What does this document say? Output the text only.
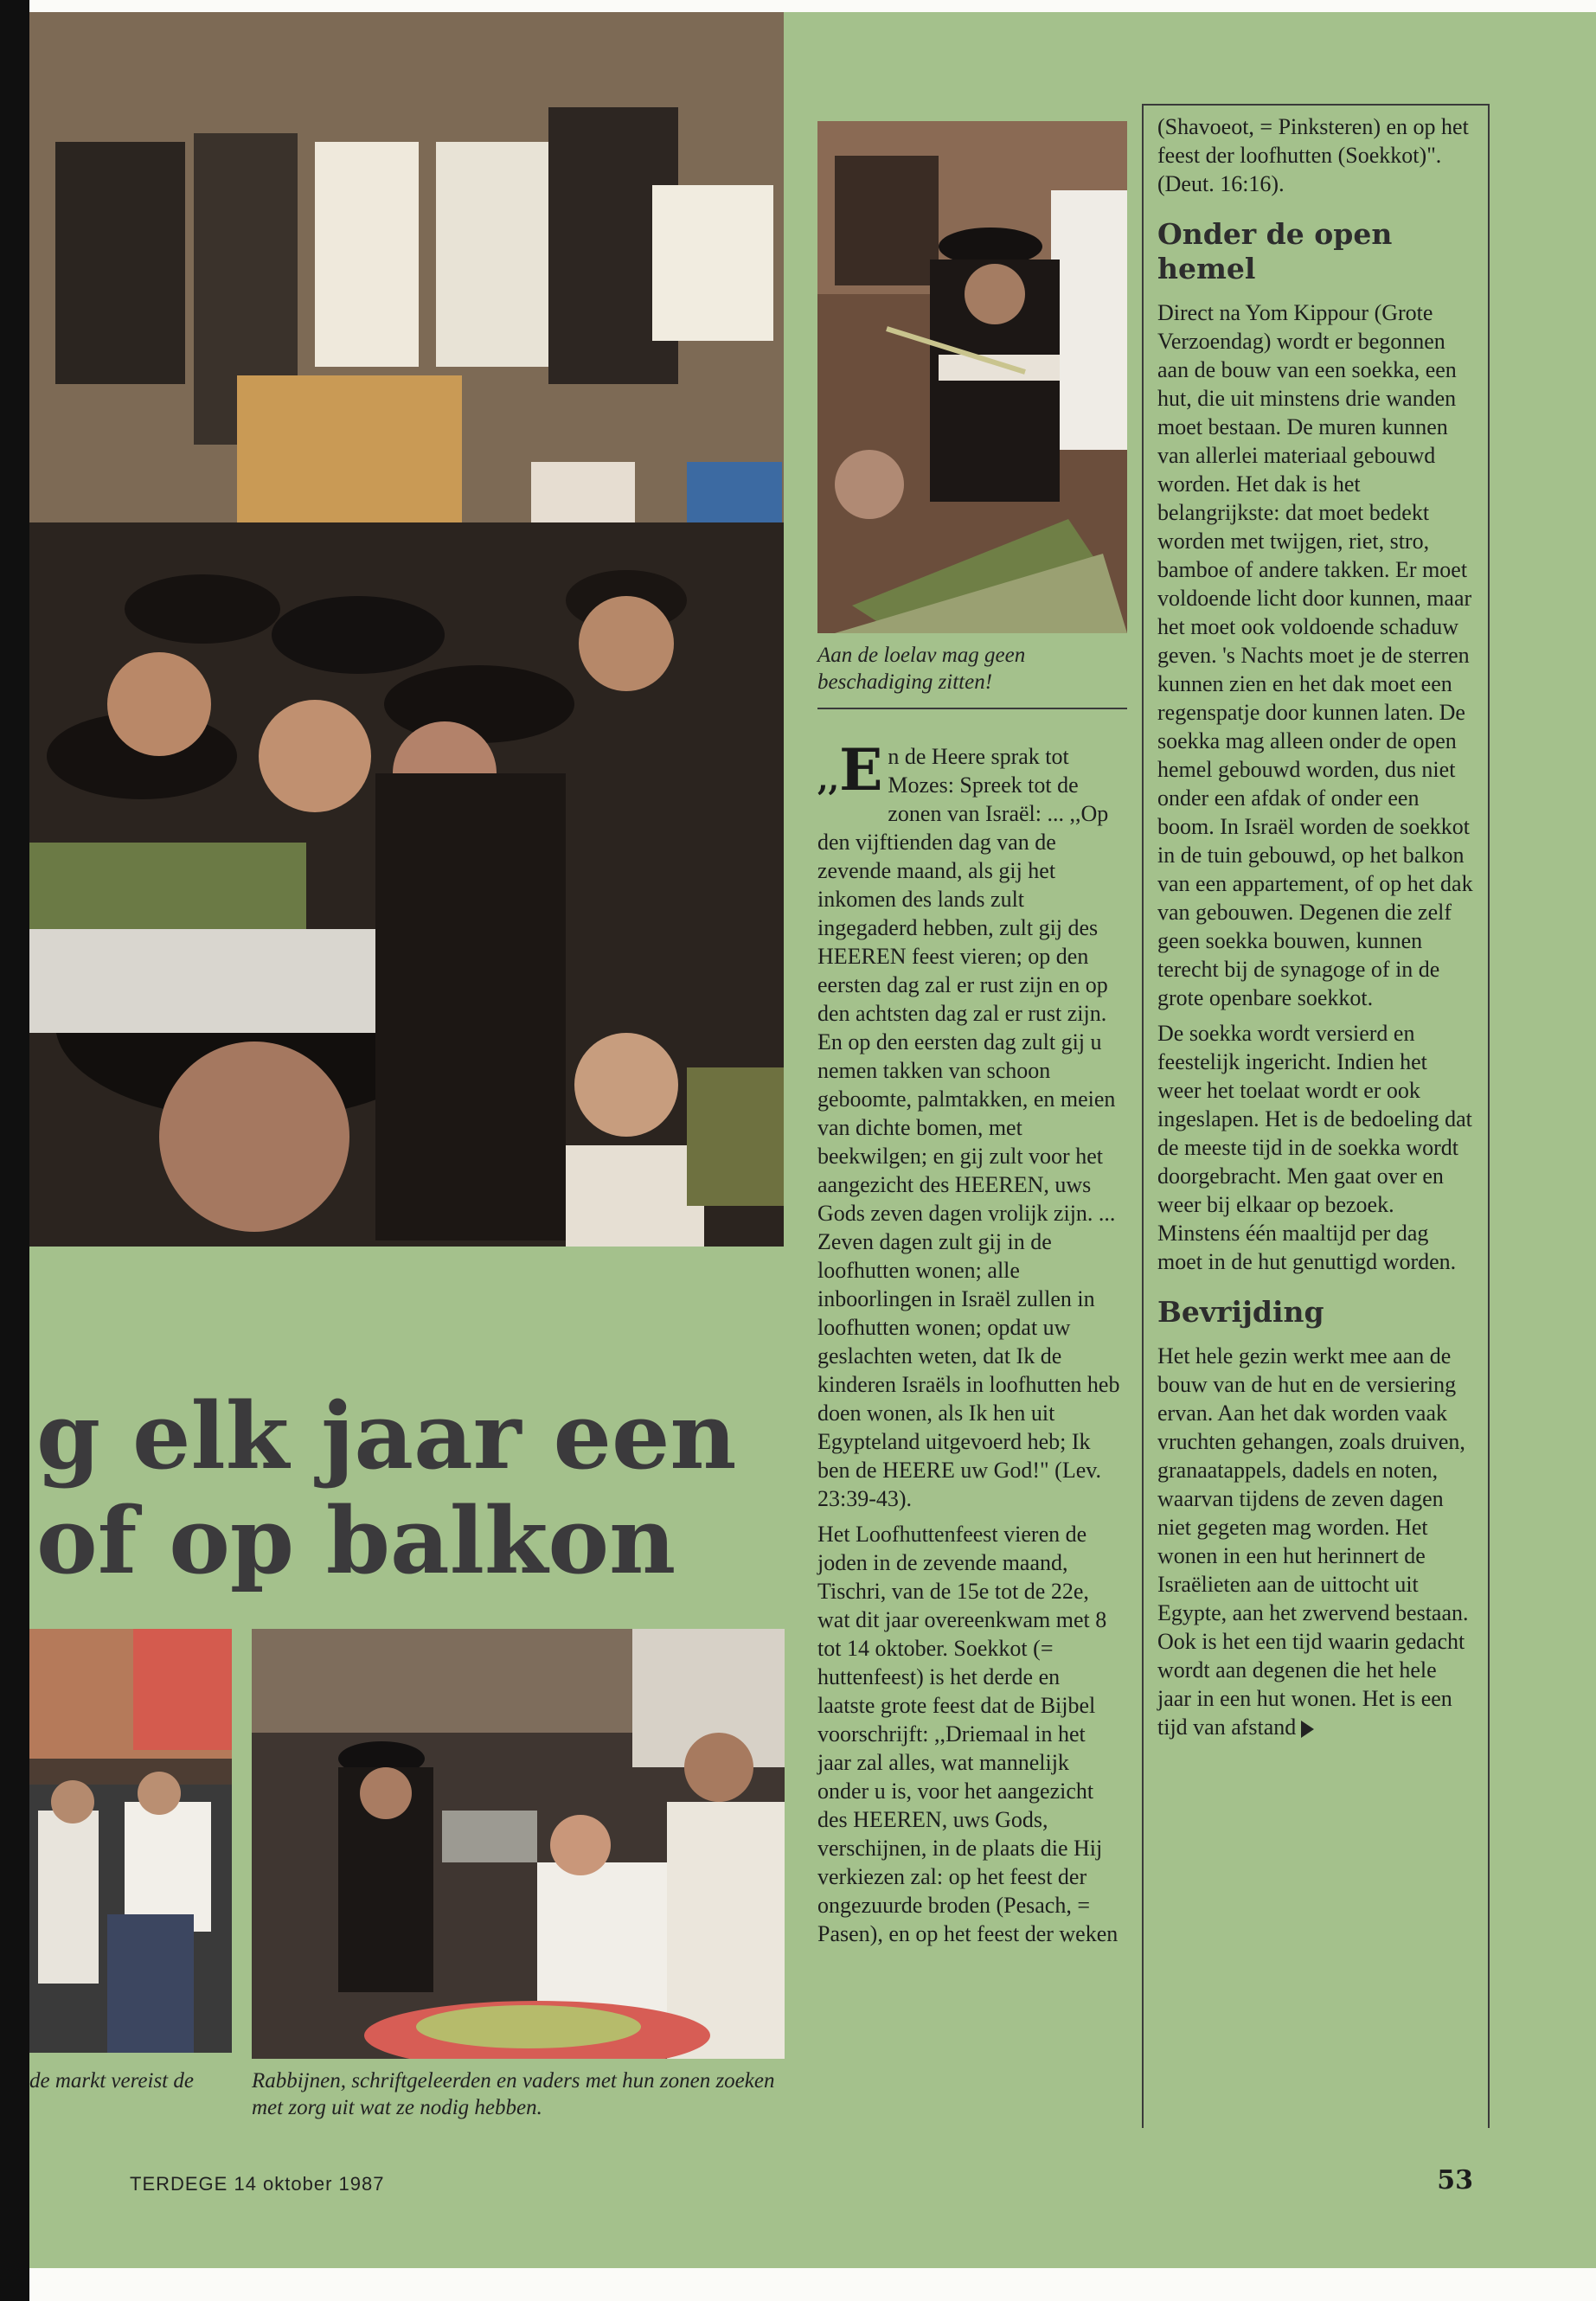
g elk jaar een
of op balkon
Aan de loelav mag geen beschadiging zitten!
de markt vereist de	Rabbijnen, schriftgeleerden en vaders met hun zonen zoeken met zorg uit wat ze nodig hebben.

,,E n de Heere sprak tot Mozes: Spreek tot de zonen van Israël: ... ,,Op den vijftienden dag van de zevende maand, als gij het inkomen des lands zult ingegaderd hebben, zult gij des HEEREN feest vieren; op den eersten dag zal er rust zijn en op den achtsten dag zal er rust zijn. En op den eersten dag zult gij u nemen takken van schoon geboomte, palmtakken, en meien van dichte bomen, met beekwilgen; en gij zult voor het aangezicht des HEEREN, uws Gods zeven dagen vrolijk zijn. ... Zeven dagen zult gij in de loofhutten wonen; alle inboorlingen in Israël zullen in loofhutten wonen; opdat uw geslachten weten, dat Ik de kinderen Israëls in loofhutten heb doen wonen, als Ik hen uit Egypteland uitgevoerd heb; Ik ben de HEERE uw God!" (Lev. 23:39-43).

Het Loofhuttenfeest vieren de joden in de zevende maand, Tischri, van de 15e tot de 22e, wat dit jaar overeenkwam met 8 tot 14 oktober. Soekkot (= huttenfeest) is het derde en laatste grote feest dat de Bijbel voorschrijft: ,,Driemaal in het jaar zal alles, wat mannelijk onder u is, voor het aangezicht des HEEREN, uws Gods, verschijnen, in de plaats die Hij verkiezen zal: op het feest der ongezuurde broden (Pesach, = Pasen), en op het feest der weken

(Shavoeot, = Pinksteren) en op het feest der loofhutten (Soekkot)". (Deut. 16:16).

Onder de open hemel

Direct na Yom Kippour (Grote Verzoendag) wordt er begonnen aan de bouw van een soekka, een hut, die uit minstens drie wanden moet bestaan. De muren kunnen van allerlei materiaal gebouwd worden. Het dak is het belangrijkste: dat moet bedekt worden met twijgen, riet, stro, bamboe of andere takken. Er moet voldoende licht door kunnen, maar het moet ook voldoende schaduw geven. 's Nachts moet je de sterren kunnen zien en het dak moet een regenspatje door kunnen laten. De soekka mag alleen onder de open hemel gebouwd worden, dus niet onder een afdak of onder een boom. In Israël worden de soekkot in de tuin gebouwd, op het balkon van een appartement, of op het dak van gebouwen. Degenen die zelf geen soekka bouwen, kunnen terecht bij de synagoge of in de grote openbare soekkot.

De soekka wordt versierd en feestelijk ingericht. Indien het weer het toelaat wordt er ook ingeslapen. Het is de bedoeling dat de meeste tijd in de soekka wordt doorgebracht. Men gaat over en weer bij elkaar op bezoek. Minstens één maaltijd per dag moet in de hut genuttigd worden.

Bevrijding

Het hele gezin werkt mee aan de bouw van de hut en de versiering ervan. Aan het dak worden vaak vruchten gehangen, zoals druiven, granaatappels, dadels en noten, waarvan tijdens de zeven dagen niet gegeten mag worden. Het wonen in een hut herinnert de Israëlieten aan de uittocht uit Egypte, aan het zwervend bestaan. Ook is het een tijd waarin gedacht wordt aan degenen die het hele jaar in een hut wonen. Het is een tijd van afstand

TERDEGE 14 oktober 1987	53
